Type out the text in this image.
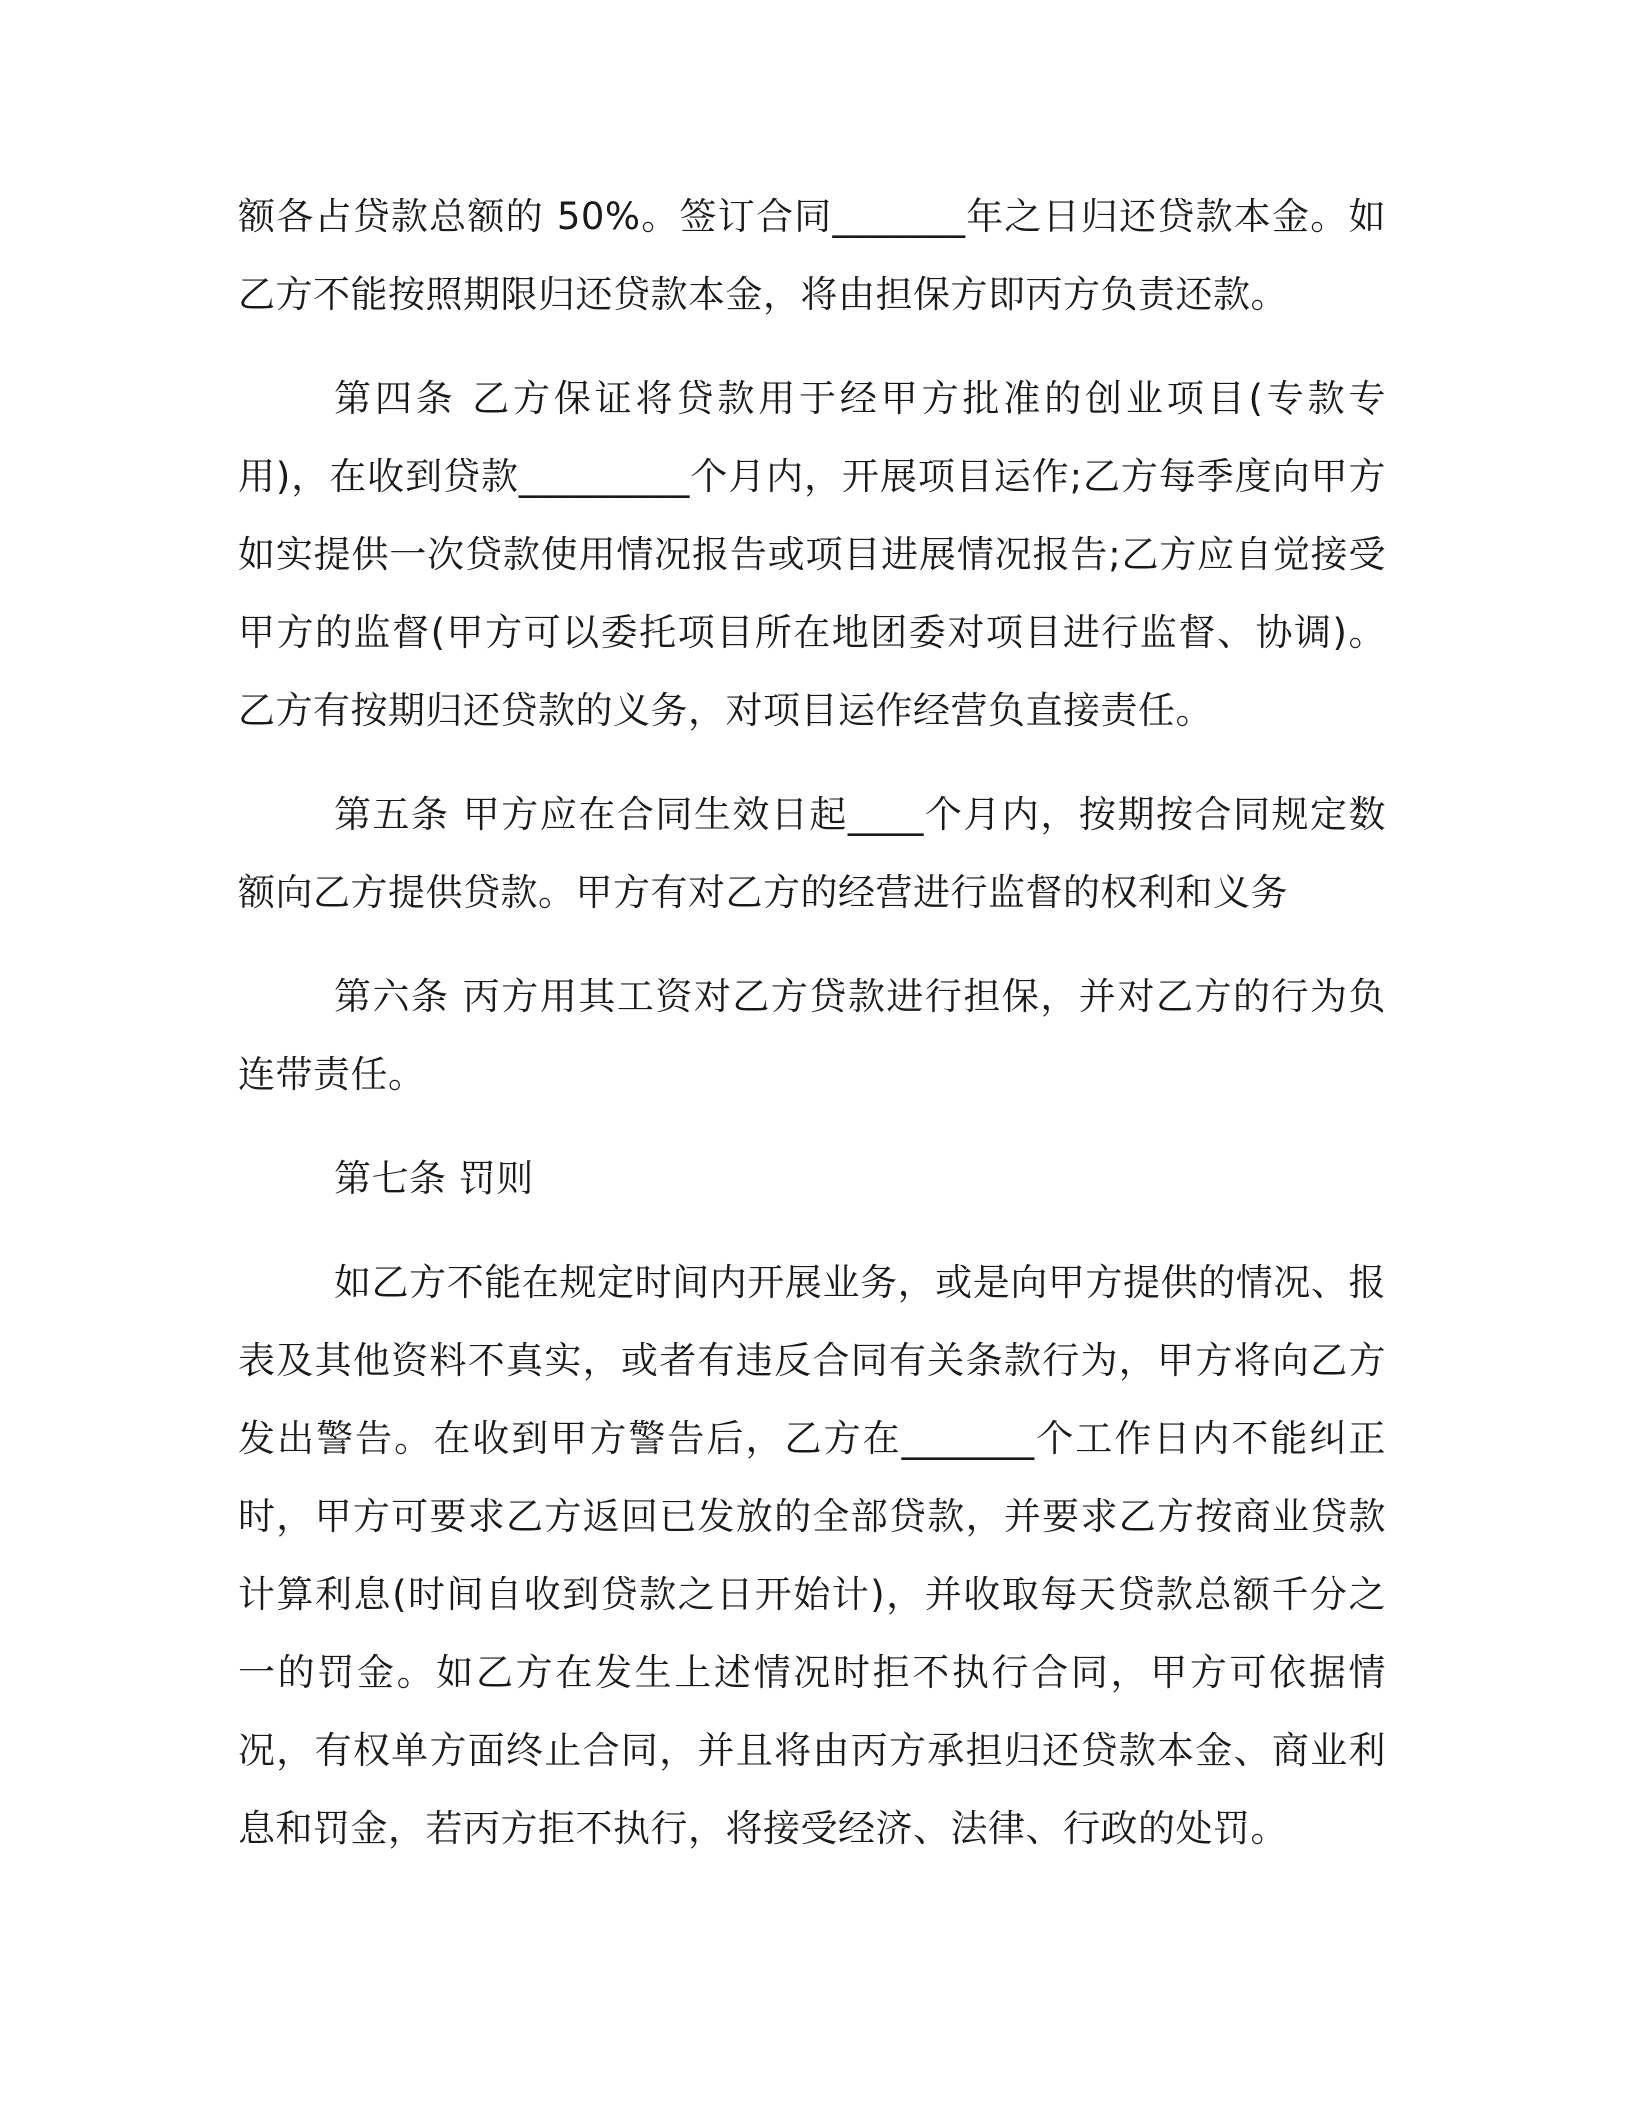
额各占贷款总额的 50%。签订合同_______年之日归还贷款本金。如乙方不能按照期限归还贷款本金，将由担保方即丙方负责还款。

第四条 乙方保证将贷款用于经甲方批准的创业项目(专款专用)，在收到贷款_________个月内，开展项目运作;乙方每季度向甲方如实提供一次贷款使用情况报告或项目进展情况报告;乙方应自觉接受甲方的监督(甲方可以委托项目所在地团委对项目进行监督、协调)。乙方有按期归还贷款的义务，对项目运作经营负直接责任。

第五条 甲方应在合同生效日起____个月内，按期按合同规定数额向乙方提供贷款。甲方有对乙方的经营进行监督的权利和义务

第六条 丙方用其工资对乙方贷款进行担保，并对乙方的行为负连带责任。

第七条 罚则

如乙方不能在规定时间内开展业务，或是向甲方提供的情况、报表及其他资料不真实，或者有违反合同有关条款行为，甲方将向乙方发出警告。在收到甲方警告后，乙方在_______个工作日内不能纠正时，甲方可要求乙方返回已发放的全部贷款，并要求乙方按商业贷款计算利息(时间自收到贷款之日开始计)，并收取每天贷款总额千分之一的罚金。如乙方在发生上述情况时拒不执行合同，甲方可依据情况，有权单方面终止合同，并且将由丙方承担归还贷款本金、商业利息和罚金，若丙方拒不执行，将接受经济、法律、行政的处罚。
